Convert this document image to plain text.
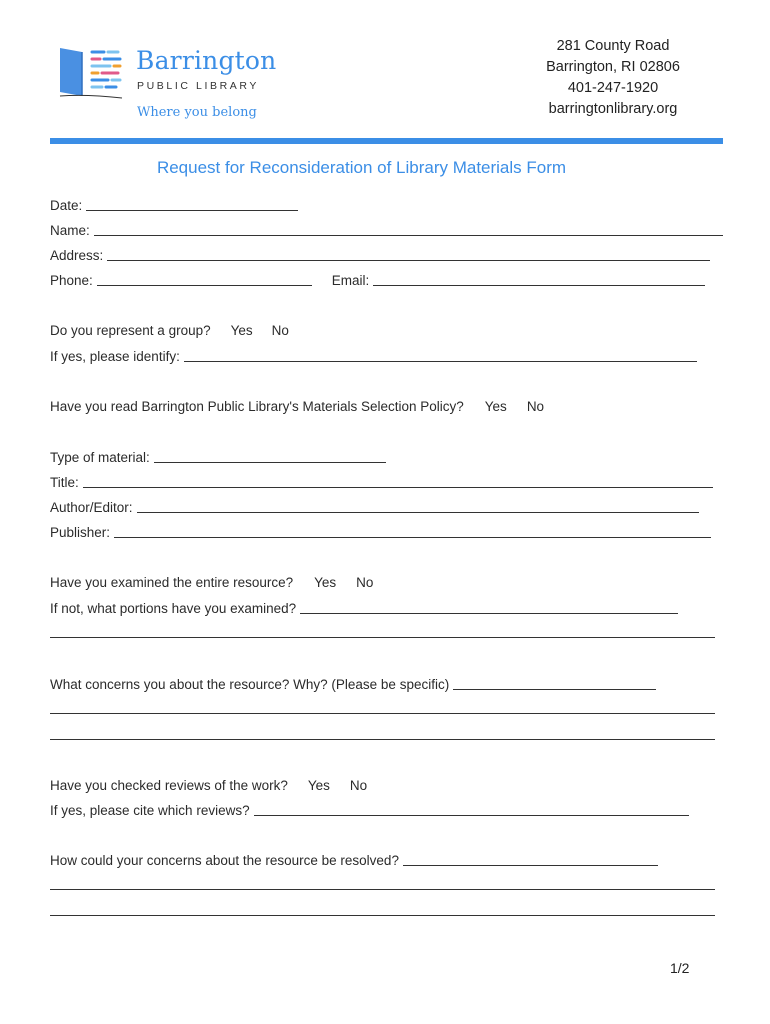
Barrington
PUBLIC LIBRARY
Where you belong
281 County Road
Barrington, RI 02806
401-247-1920
barringtonlibrary.org
Request for Reconsideration of Library Materials Form
Date:
Name:
Address:
Phone:	Email:
Do you represent a group? Yes No
If yes, please identify:
Have you read Barrington Public Library's Materials Selection Policy? Yes No
Type of material:
Title:
Author/Editor:
Publisher:
Have you examined the entire resource? Yes No
If not, what portions have you examined?
What concerns you about the resource? Why? (Please be specific)
Have you checked reviews of the work? Yes No
If yes, please cite which reviews?
How could your concerns about the resource be resolved?
1/2
